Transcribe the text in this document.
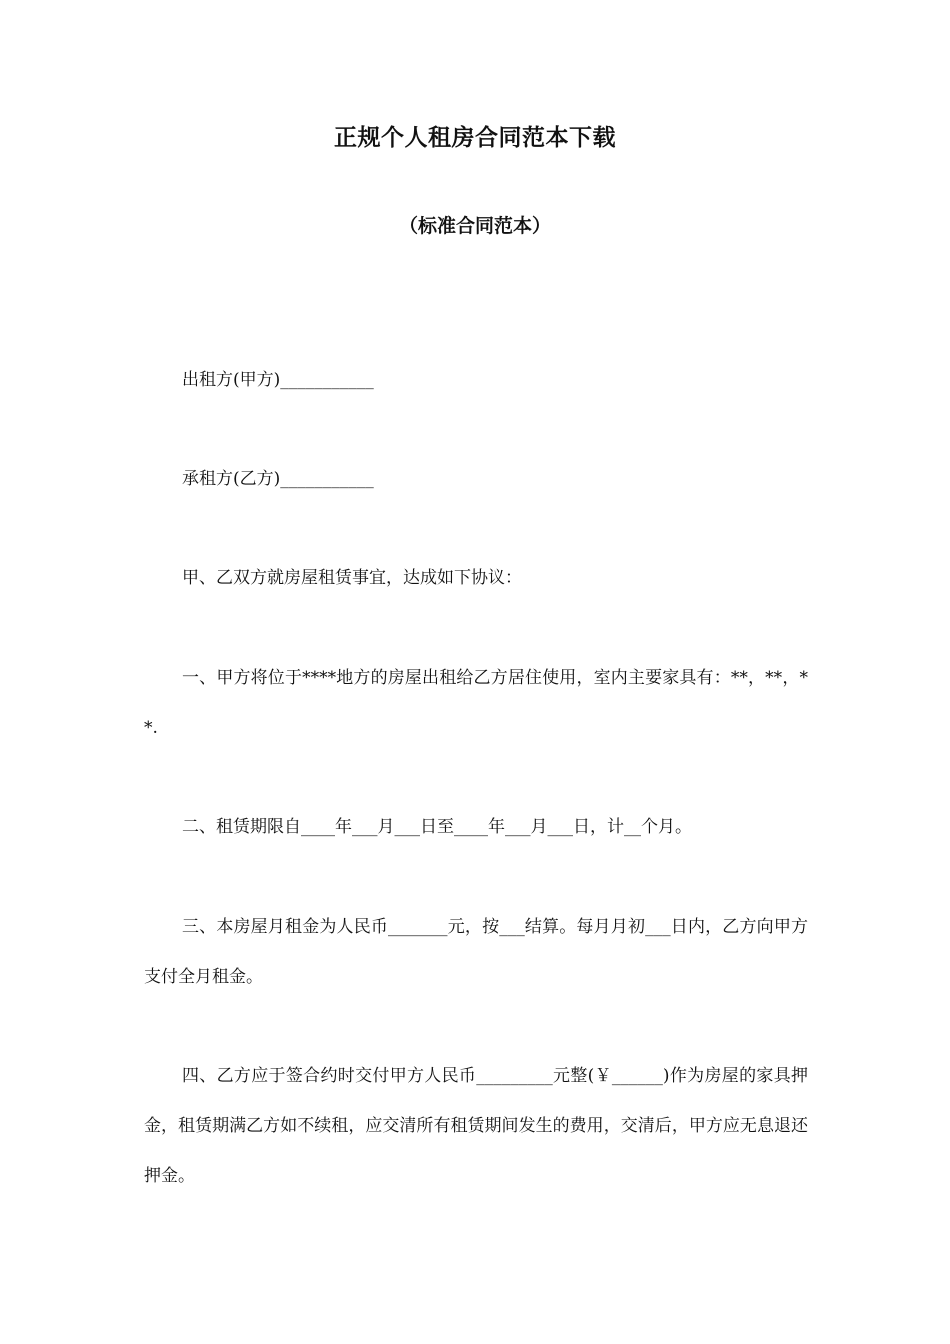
正规个人租房合同范本下载
（标准合同范本）

出租方(甲方)___________

承租方(乙方)___________

甲、乙双方就房屋租赁事宜，达成如下协议：

一、甲方将位于****地方的房屋出租给乙方居住使用，室内主要家具有：**，**，**.

二、租赁期限自____年___月___日至____年___月___日，计__个月。

三、本房屋月租金为人民币_______元，按___结算。每月月初___日内，乙方向甲方支付全月租金。

四、乙方应于签合约时交付甲方人民币_________元整(￥______)作为房屋的家具押金，租赁期满乙方如不续租，应交清所有租赁期间发生的费用，交清后，甲方应无息退还押金。
